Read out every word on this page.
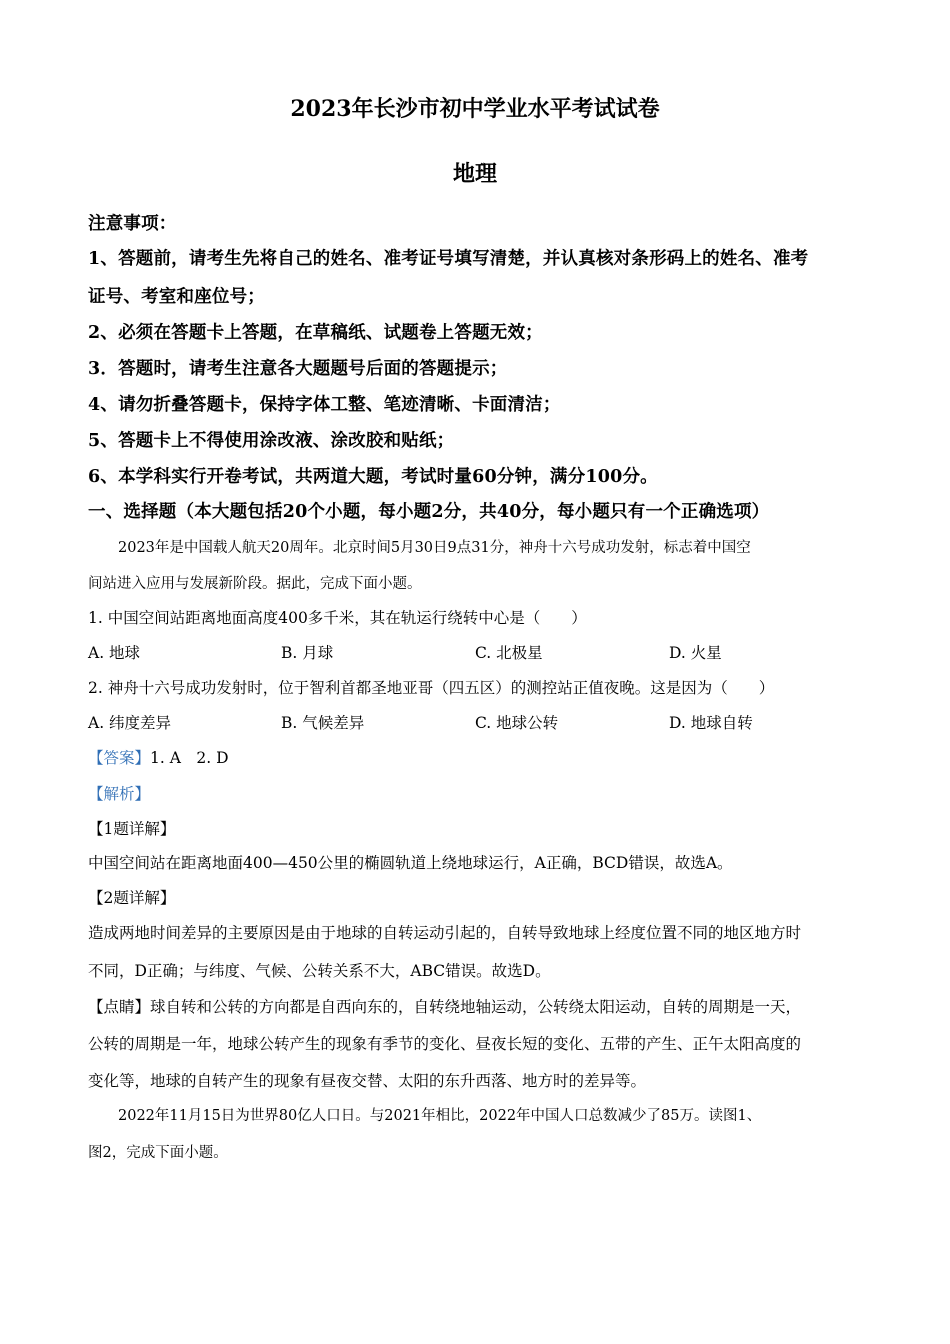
2023年长沙市初中学业水平考试试卷
地理
注意事项：
1、答题前，请考生先将自己的姓名、准考证号填写清楚，并认真核对条形码上的姓名、准考
证号、考室和座位号；
2、必须在答题卡上答题，在草稿纸、试题卷上答题无效；
3．答题时，请考生注意各大题题号后面的答题提示；
4、请勿折叠答题卡，保持字体工整、笔迹清晰、卡面清洁；
5、答题卡上不得使用涂改液、涂改胶和贴纸；
6、本学科实行开卷考试，共两道大题，考试时量60分钟，满分100分。
一、选择题（本大题包括20个小题，每小题2分，共40分，每小题只有一个正确选项）
2023年是中国载人航天20周年。北京时间5月30日9点31分，神舟十六号成功发射，标志着中国空
间站进入应用与发展新阶段。据此，完成下面小题。
1. 中国空间站距离地面高度400多千米，其在轨运行绕转中心是（　　）
A. 地球	B. 月球	C. 北极星	D. 火星
2. 神舟十六号成功发射时，位于智利首都圣地亚哥（四五区）的测控站正值夜晚。这是因为（　　）
A. 纬度差异	B. 气候差异	C. 地球公转	D. 地球自转
【答案】1. A　2. D
【解析】
【1题详解】
中国空间站在距离地面400—450公里的椭圆轨道上绕地球运行，A正确，BCD错误，故选A。
【2题详解】
造成两地时间差异的主要原因是由于地球的自转运动引起的，自转导致地球上经度位置不同的地区地方时
不同，D正确；与纬度、气候、公转关系不大，ABC错误。故选D。
【点睛】球自转和公转的方向都是自西向东的，自转绕地轴运动，公转绕太阳运动，自转的周期是一天，
公转的周期是一年，地球公转产生的现象有季节的变化、昼夜长短的变化、五带的产生、正午太阳高度的
变化等，地球的自转产生的现象有昼夜交替、太阳的东升西落、地方时的差异等。
2022年11月15日为世界80亿人口日。与2021年相比，2022年中国人口总数减少了85万。读图1、
图2，完成下面小题。
